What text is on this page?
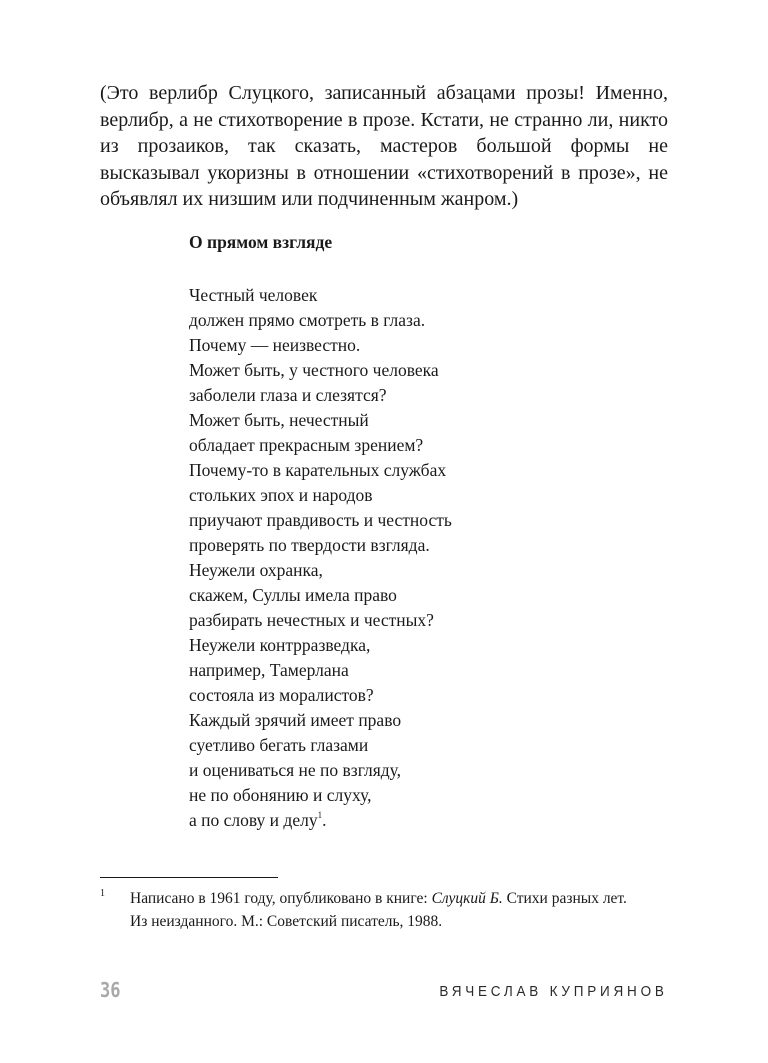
(Это верлибр Слуцкого, записанный абзацами прозы! Именно, верлибр, а не стихотворение в прозе. Кстати, не странно ли, никто из прозаиков, так сказать, мастеров большой формы не высказывал укоризны в отношении «стихотворений в прозе», не объявлял их низшим или подчиненным жанром.)

О прямом взгляде

Честный человек
должен прямо смотреть в глаза.
Почему — неизвестно.
Может быть, у честного человека
заболели глаза и слезятся?
Может быть, нечестный
обладает прекрасным зрением?
Почему-то в карательных службах
стольких эпох и народов
приучают правдивость и честность
проверять по твердости взгляда.
Неужели охранка,
скажем, Суллы имела право
разбирать нечестных и честных?
Неужели контрразведка,
например, Тамерлана
состояла из моралистов?
Каждый зрячий имеет право
суетливо бегать глазами
и оцениваться не по взгляду,
не по обонянию и слуху,
а по слову и делу$^1$.

1 Написано в 1961 году, опубликовано в книге: Слуцкий Б. Стихи разных лет.
Из неизданного. М.: Советский писатель, 1988.

36	ВЯЧЕСЛАВ КУПРИЯНОВ
